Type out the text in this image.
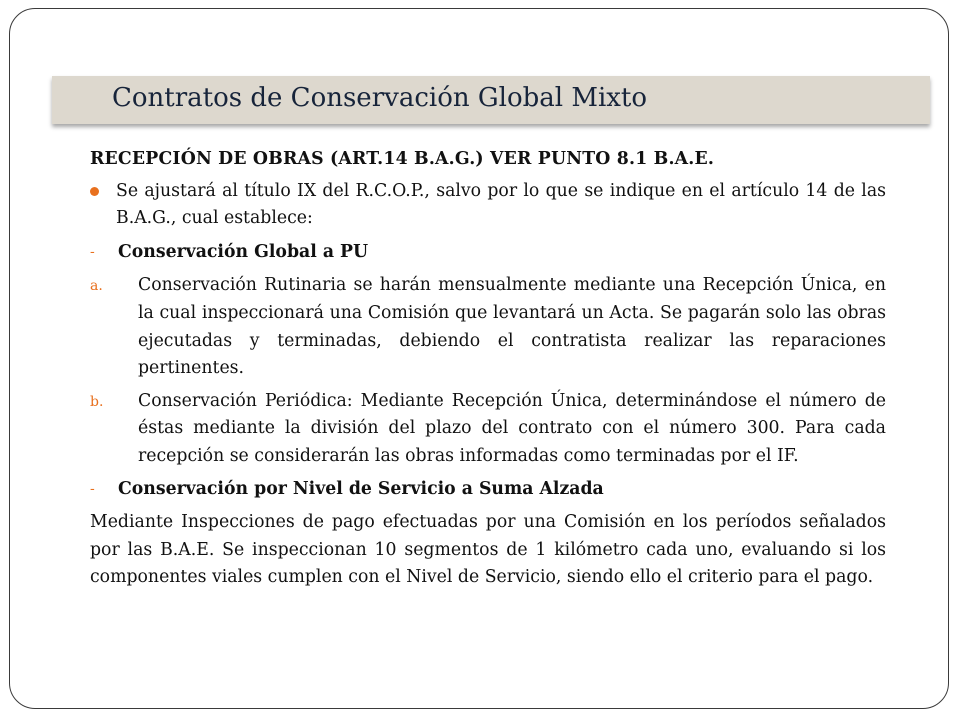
Contratos de Conservación Global Mixto
RECEPCIÓN DE OBRAS (ART.14 B.A.G.) VER PUNTO 8.1 B.A.E.
Se ajustará al título IX del R.C.O.P., salvo por lo que se indique en el artículo 14 de las B.A.G., cual establece:
- Conservación Global a PU
a. Conservación Rutinaria se harán mensualmente mediante una Recepción Única, en la cual inspeccionará una Comisión que levantará un Acta. Se pagarán solo las obras ejecutadas y terminadas, debiendo el contratista realizar las reparaciones pertinentes.
b. Conservación Periódica: Mediante Recepción Única, determinándose el número de éstas mediante la división del plazo del contrato con el número 300. Para cada recepción se considerarán las obras informadas como terminadas por el IF.
- Conservación por Nivel de Servicio a Suma Alzada
Mediante Inspecciones de pago efectuadas por una Comisión en los períodos señalados por las B.A.E. Se inspeccionan 10 segmentos de 1 kilómetro cada uno, evaluando si los componentes viales cumplen con el Nivel de Servicio, siendo ello el criterio para el pago.
